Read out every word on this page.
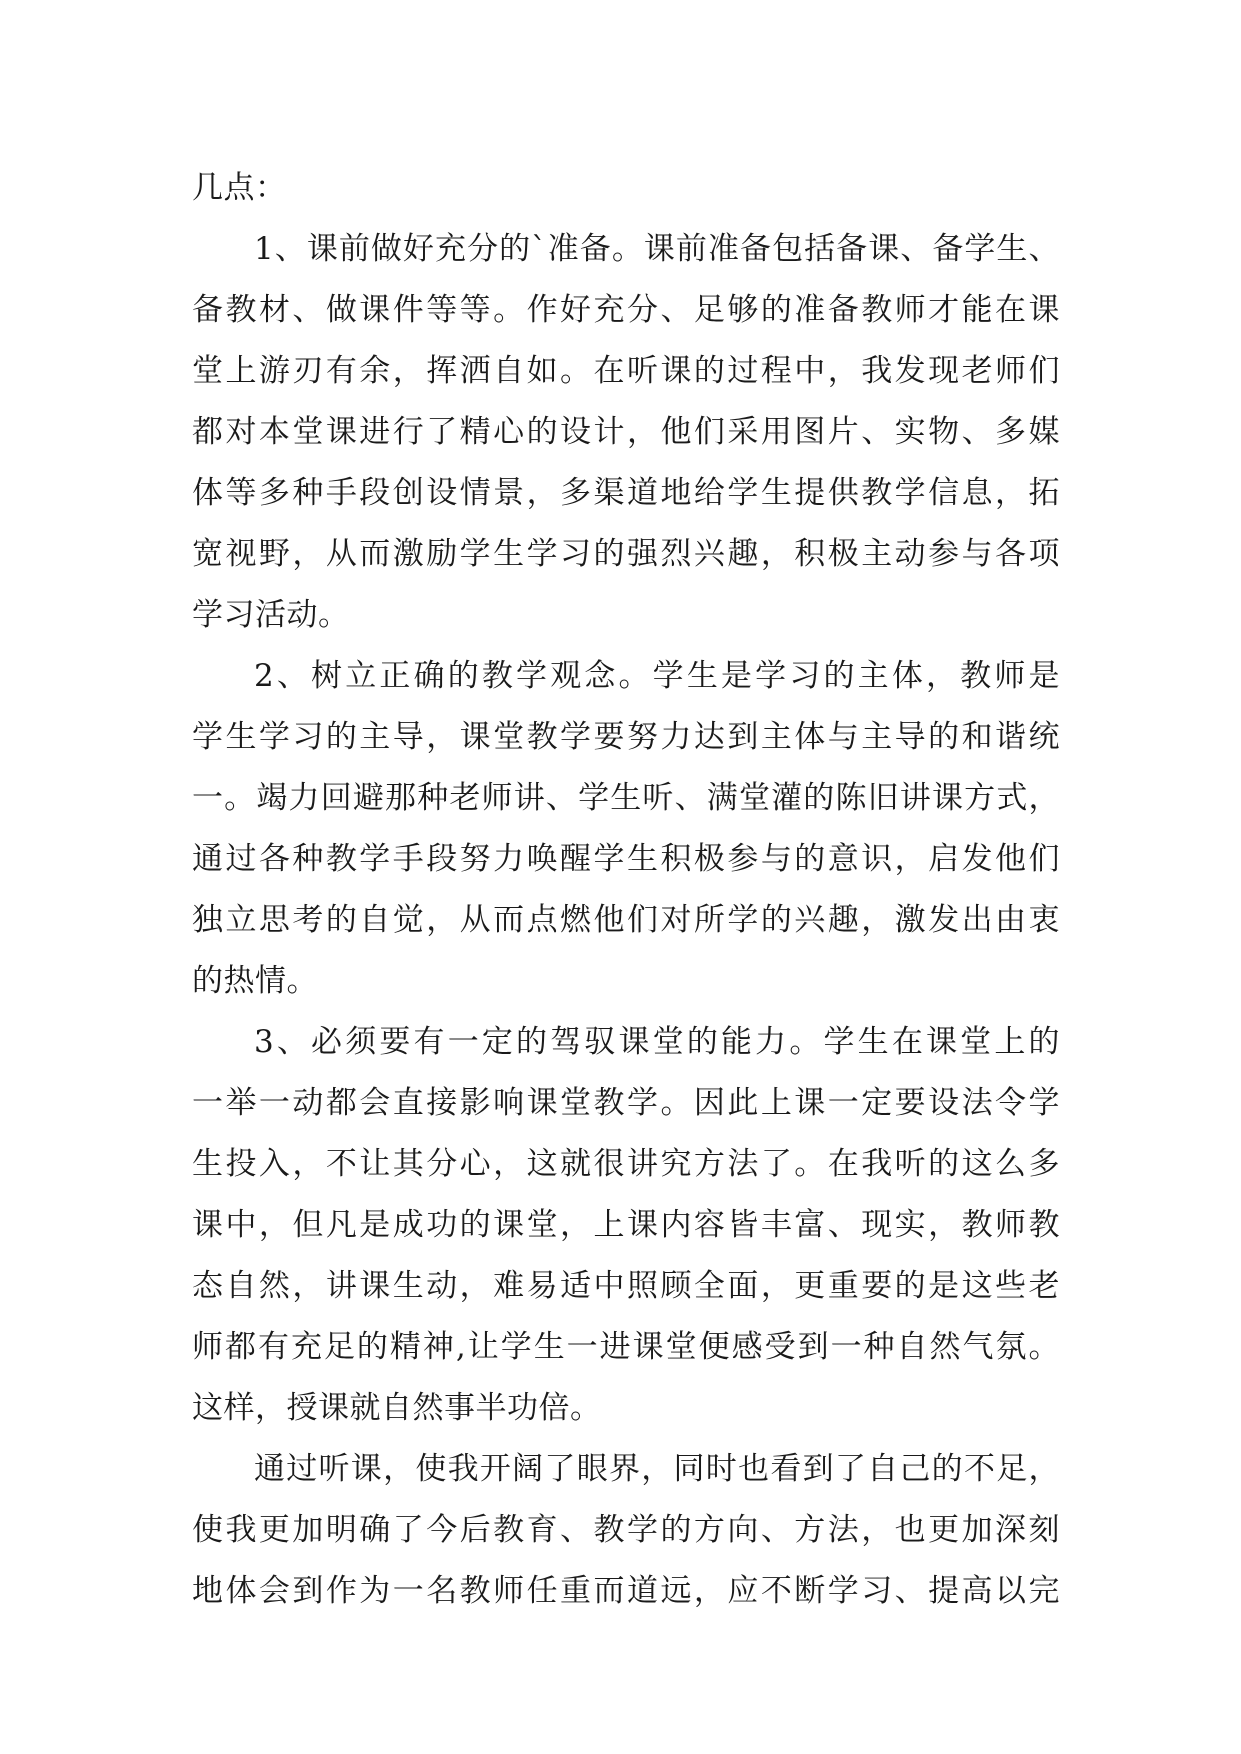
几点：
1、课前做好充分的`准备。课前准备包括备课、备学生、
备教材、做课件等等。作好充分、足够的准备教师才能在课
堂上游刃有余，挥洒自如。在听课的过程中，我发现老师们
都对本堂课进行了精心的设计，他们采用图片、实物、多媒
体等多种手段创设情景，多渠道地给学生提供教学信息，拓
宽视野，从而激励学生学习的强烈兴趣，积极主动参与各项
学习活动。
2、树立正确的教学观念。学生是学习的主体，教师是
学生学习的主导，课堂教学要努力达到主体与主导的和谐统
一。竭力回避那种老师讲、学生听、满堂灌的陈旧讲课方式，
通过各种教学手段努力唤醒学生积极参与的意识，启发他们
独立思考的自觉，从而点燃他们对所学的兴趣，激发出由衷
的热情。
3、必须要有一定的驾驭课堂的能力。学生在课堂上的
一举一动都会直接影响课堂教学。因此上课一定要设法令学
生投入，不让其分心，这就很讲究方法了。在我听的这么多
课中，但凡是成功的课堂，上课内容皆丰富、现实，教师教
态自然，讲课生动，难易适中照顾全面，更重要的是这些老
师都有充足的精神,让学生一进课堂便感受到一种自然气氛。
这样，授课就自然事半功倍。
通过听课，使我开阔了眼界，同时也看到了自己的不足，
使我更加明确了今后教育、教学的方向、方法，也更加深刻
地体会到作为一名教师任重而道远，应不断学习、提高以完
